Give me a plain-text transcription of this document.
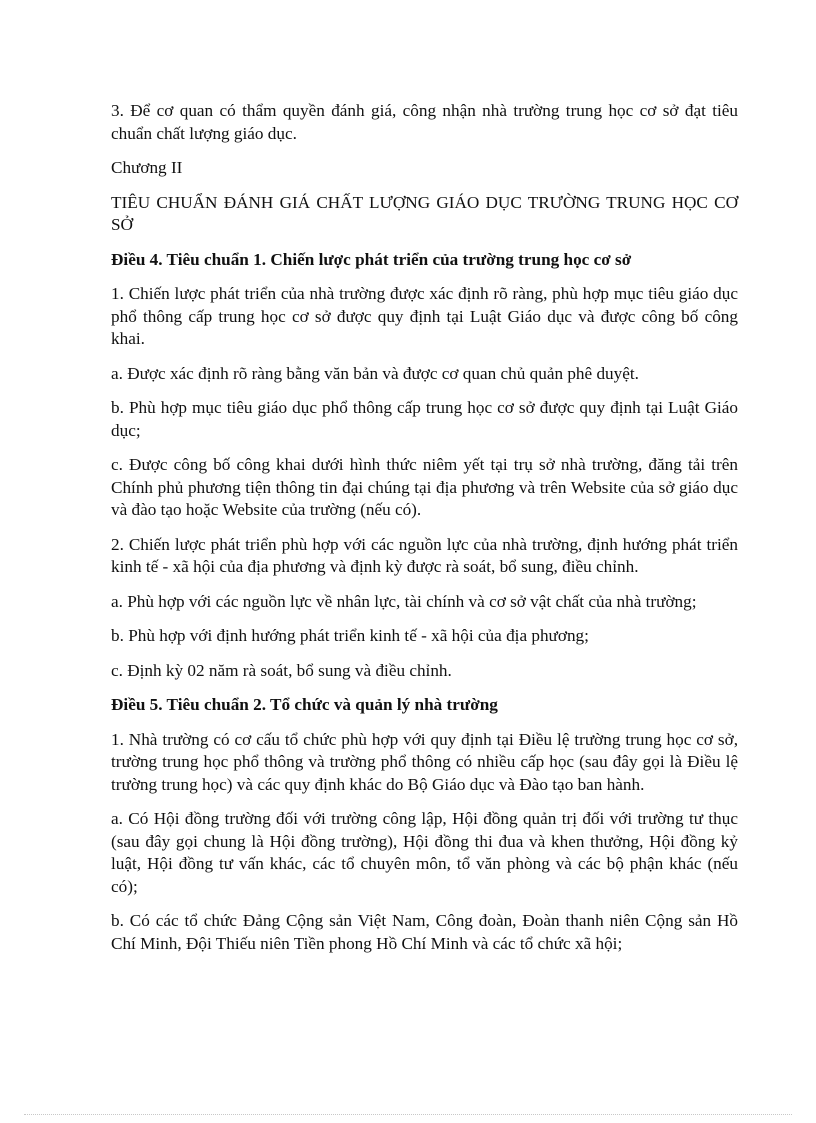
3. Để cơ quan có thẩm quyền đánh giá, công nhận nhà trường trung học cơ sở đạt tiêu chuẩn chất lượng giáo dục.

Chương II

TIÊU CHUẨN ĐÁNH GIÁ CHẤT LƯỢNG GIÁO DỤC TRƯỜNG TRUNG HỌC CƠ SỞ

Điều 4. Tiêu chuẩn 1. Chiến lược phát triển của trường trung học cơ sở

1. Chiến lược phát triển của nhà trường được xác định rõ ràng, phù hợp mục tiêu giáo dục phổ thông cấp trung học cơ sở được quy định tại Luật Giáo dục và được công bố công khai.

a. Được xác định rõ ràng bằng văn bản và được cơ quan chủ quản phê duyệt.

b. Phù hợp mục tiêu giáo dục phổ thông cấp trung học cơ sở được quy định tại Luật Giáo dục;

c. Được công bố công khai dưới hình thức niêm yết tại trụ sở nhà trường, đăng tải trên Chính phủ phương tiện thông tin đại chúng tại địa phương và trên Website của sở giáo dục và đào tạo hoặc Website của trường (nếu có).

2. Chiến lược phát triển phù hợp với các nguồn lực của nhà trường, định hướng phát triển kinh tế - xã hội của địa phương và định kỳ được rà soát, bổ sung, điều chỉnh.

a. Phù hợp với các nguồn lực về nhân lực, tài chính và cơ sở vật chất của nhà trường;

b. Phù hợp với định hướng phát triển kinh tế - xã hội của địa phương;

c. Định kỳ 02 năm rà soát, bổ sung và điều chỉnh.

Điều 5. Tiêu chuẩn 2. Tổ chức và quản lý nhà trường

1. Nhà trường có cơ cấu tổ chức phù hợp với quy định tại Điều lệ trường trung học cơ sở, trường trung học phổ thông và trường phổ thông có nhiều cấp học (sau đây gọi là Điều lệ trường trung học) và các quy định khác do Bộ Giáo dục và Đào tạo ban hành.

a. Có Hội đồng trường đối với trường công lập, Hội đồng quản trị đối với trường tư thục (sau đây gọi chung là Hội đồng trường), Hội đồng thi đua và khen thưởng, Hội đồng kỷ luật, Hội đồng tư vấn khác, các tổ chuyên môn, tổ văn phòng và các bộ phận khác (nếu có);

b. Có các tổ chức Đảng Cộng sản Việt Nam, Công đoàn, Đoàn thanh niên Cộng sản Hồ Chí Minh, Đội Thiếu niên Tiền phong Hồ Chí Minh và các tổ chức xã hội;
